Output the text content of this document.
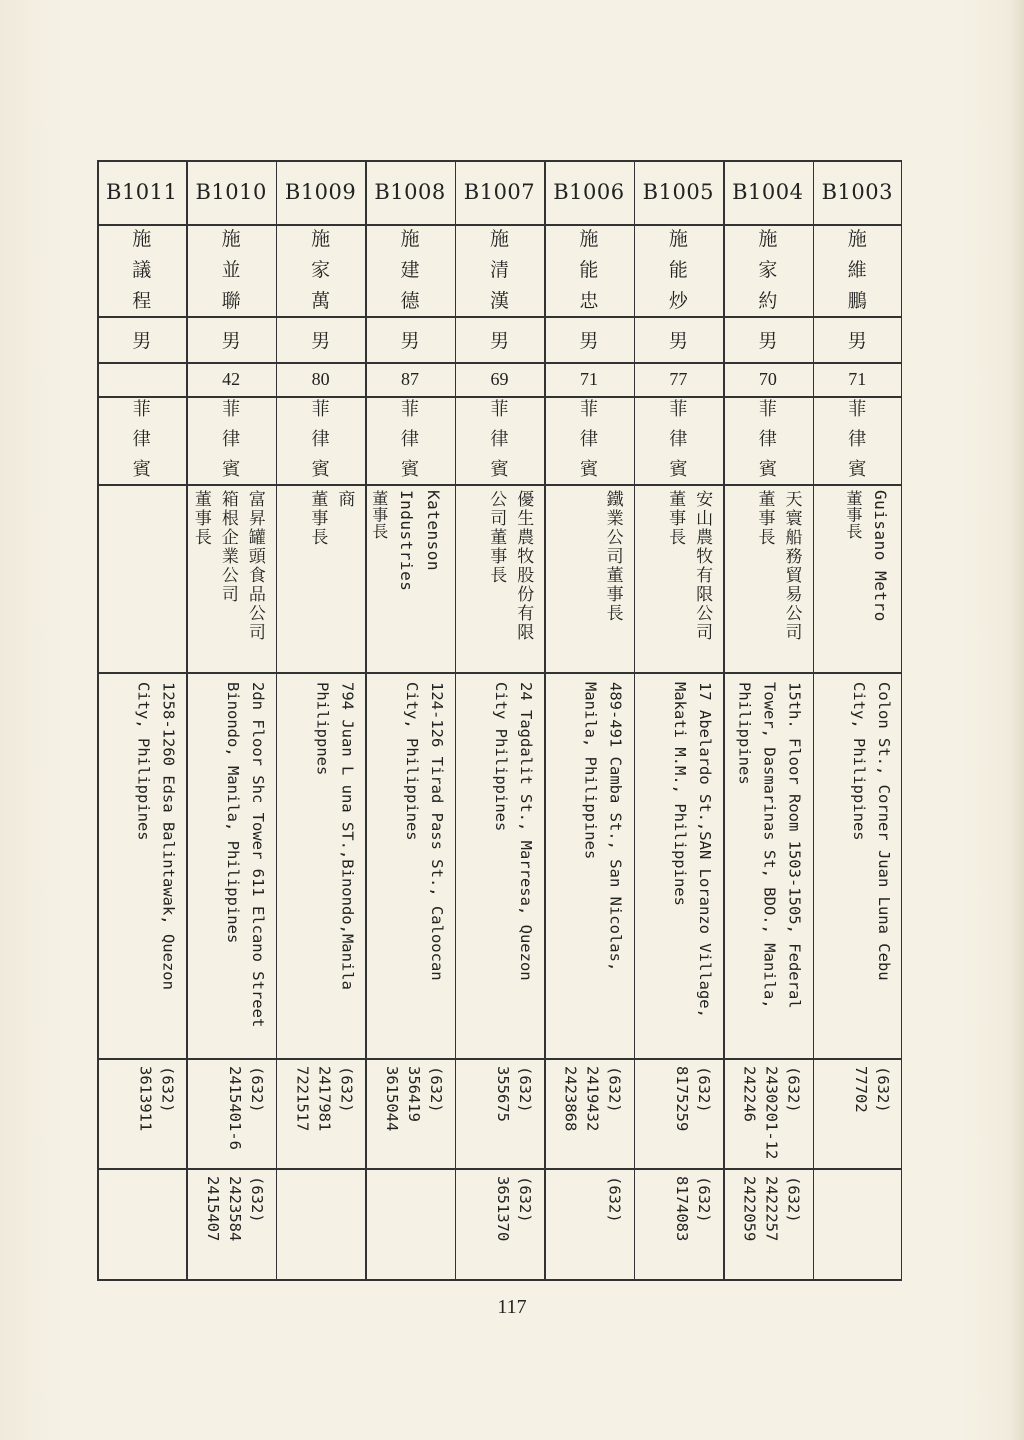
B1003
施
維
鵬
男
71
菲
律
賓
Guisano Metro
董事長
Colon St., Corner Juan Luna Cebu
City, Philippines
(632)
77702
B1004
施
家
約
男
70
菲
律
賓
天寰船務貿易公司
董事長
15th. Floor Room 1503-1505, Federal
Tower, Dasmarinas St, BDO., Manila,
Philippines
(632)
2430201-12
242246
(632)
2422257
2422059
B1005
施
能
炒
男
77
菲
律
賓
安山農牧有限公司
董事長
17 Abelardo St.,SAN Loranzo Village,
Makati M.M., Philippines
(632)
8175259
(632)
8174083
B1006
施
能
忠
男
71
菲
律
賓
鐵業公司董事長
489-491 Camba St., San Nicolas,
Manila, Philippines
(632)
2419432
2423868
(632)
B1007
施
清
漢
男
69
菲
律
賓
優生農牧股份有限
公司董事長
24 Tagdalit St., Marresa, Quezon
City Philippines
(632)
355675
(632)
3651370
B1008
施
建
德
男
87
菲
律
賓
Katenson
Industries
董事長
124-126 Tirad Pass St., Caloocan
City, Philippines
(632)
356419
3615044
B1009
施
家
萬
男
80
菲
律
賓
商
董事長
794 Juan L una ST.,Binondo,Manila
Philippnes
(632)
2417981
7221517
B1010
施
並
聯
男
42
菲
律
賓
富昇罐頭食品公司
箱根企業公司
董事長
2dn Floor Shc Tower 611 Elcano Street
Binondo, Manila, Philippines
(632)
2415401-6
(632)
2423584
2415407
B1011
施
議
程
男
菲
律
賓
1258-1260 Edsa Balintawak, Quezon
City, Philippines
(632)
3613911
117
